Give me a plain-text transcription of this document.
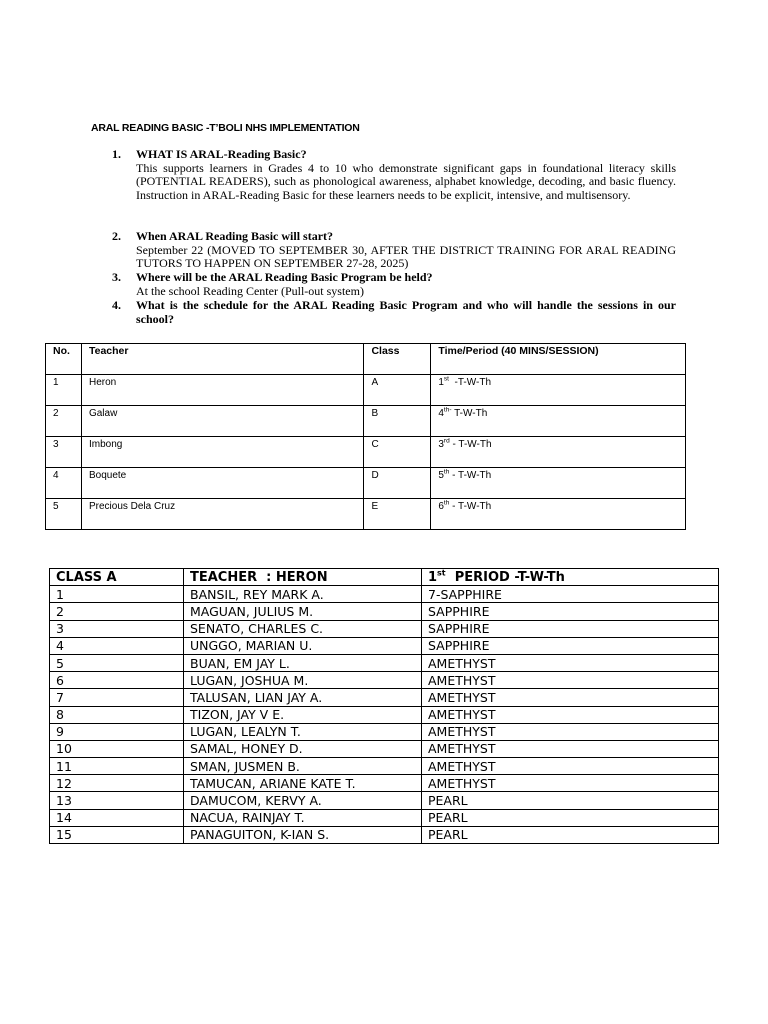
ARAL READING BASIC -T’BOLI NHS IMPLEMENTATION
1.	WHAT IS ARAL-Reading Basic?
This supports learners in Grades 4 to 10 who demonstrate significant gaps in foundational literacy skills (POTENTIAL READERS), such as phonological awareness, alphabet knowledge, decoding, and basic fluency. Instruction in ARAL-Reading Basic for these learners needs to be explicit, intensive, and multisensory.
2.	When ARAL Reading Basic will start?
September 22 (MOVED TO SEPTEMBER 30, AFTER THE DISTRICT TRAINING FOR ARAL READING TUTORS TO HAPPEN ON SEPTEMBER 27-28, 2025)
3.	Where will be the ARAL Reading Basic Program be held?
At the school Reading Center (Pull-out system)
4.	What is the schedule for the ARAL Reading Basic Program and who will handle the sessions in our school?
No.	Teacher	Class	Time/Period (40 MINS/SESSION)
1	Heron	A	1st  -T-W-Th
2	Galaw	B	$4^{th-}$ T-W-Th
3	Imbong	C	3rd - T-W-Th
4	Boquete	D	5th - T-W-Th
5	Precious Dela Cruz	E	6th - T-W-Th
CLASS A	TEACHER  : HERON	1st  PERIOD -T-W-Th
1	BANSIL, REY MARK A.	7-SAPPHIRE
2	MAGUAN, JULIUS M.	SAPPHIRE
3	SENATO, CHARLES C.	SAPPHIRE
4	UNGGO, MARIAN U.	SAPPHIRE
5	BUAN, EM JAY L.	AMETHYST
6	LUGAN, JOSHUA M.	AMETHYST
7	TALUSAN, LIAN JAY A.	AMETHYST
8	TIZON, JAY V E.	AMETHYST
9	LUGAN, LEALYN T.	AMETHYST
10	SAMAL, HONEY D.	AMETHYST
11	SMAN, JUSMEN B.	AMETHYST
12	TAMUCAN, ARIANE KATE T.	AMETHYST
13	DAMUCOM, KERVY A.	PEARL
14	NACUA, RAINJAY T.	PEARL
15	PANAGUITON, K-IAN S.	PEARL
